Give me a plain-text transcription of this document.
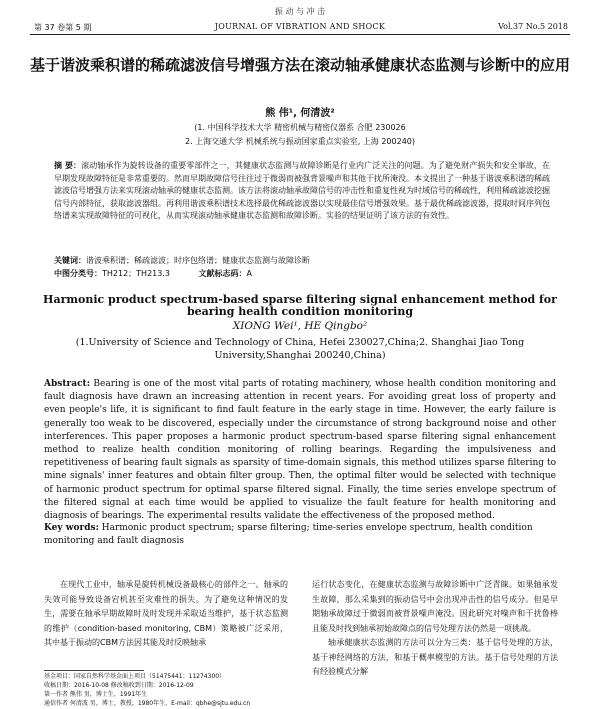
振 动 与 冲 击
第 37 卷第 5 期	JOURNAL OF VIBRATION AND SHOCK	Vol.37 No.5 2018
基于谐波乘积谱的稀疏滤波信号增强方法在滚动轴承健康状态监测与诊断中的应用
熊 伟¹, 何清波²
(1. 中国科学技术大学 精密机械与精密仪器系 合肥 230026
2. 上海交通大学 机械系统与振动国家重点实验室, 上海 200240)
摘 要：滚动轴承作为旋转设备的重要零部件之一，其健康状态监测与故障诊断是行业内广泛关注的问题。为了避免财产损失和安全事故，在早期发现故障特征是非常重要的。然而早期故障信号往往过于微弱而被强背景噪声和其他干扰所淹没。本文提出了一种基于谐波乘积谱的稀疏滤波信号增强方法来实现滚动轴承的健康状态监测。该方法将滚动轴承故障信号的冲击性和重复性视为时域信号的稀疏性，利用稀疏滤波挖掘信号内部特征，获取滤波器组。再利用谐波乘积谱技术选择最优稀疏滤波器以实现最佳信号增强效果。基于最优稀疏滤波器，提取时间序列包络谱来实现故障特征的可视化，从而实现滚动轴承健康状态监测和故障诊断。实验的结果证明了该方法的有效性。
关键词：谐波乘积谱；稀疏滤波；时序包络谱；健康状态监测与故障诊断
中图分类号：TH212；TH213.3	文献标志码：A
Harmonic product spectrum-based sparse filtering signal enhancement method for bearing health condition monitoring
XIONG Wei¹, HE Qingbo²
(1.University of Science and Technology of China, Hefei 230027,China;2. Shanghai Jiao Tong University,Shanghai 200240,China)
Abstract: Bearing is one of the most vital parts of rotating machinery, whose health condition monitoring and fault diagnosis have drawn an increasing attention in recent years. For avoiding great loss of property and even people's life, it is significant to find fault feature in the early stage in time. However, the early failure is generally too weak to be discovered, especially under the circumstance of strong background noise and other interferences. This paper proposes a harmonic product spectrum-based sparse filtering signal enhancement method to realize health condition monitoring of rolling bearings. Regarding the impulsiveness and repetitiveness of bearing fault signals as sparsity of time-domain signals, this method utilizes sparse filtering to mine signals' inner features and obtain filter group. Then, the optimal filter would be selected with technique of harmonic product spectrum for optimal sparse filtered signal. Finally, the time series envelope spectrum of the filtered signal at each time would be applied to visualize the fault feature for health monitoring and diagnosis of bearings. The experimental results validate the effectiveness of the proposed method.
Key words: Harmonic product spectrum; sparse filtering; time-series envelope spectrum, health condition monitoring and fault diagnosis
在现代工业中，轴承是旋转机械设备最核心的部件之一。轴承的失效可能导致设备宕机甚至灾难性的损失。为了避免这种情况的发生，需要在轴承早期故障时及时发现并采取适当维护，基于状态监测的维护（condition-based monitoring, CBM）策略被广泛采用，其中基于振动的CBM方法因其能及时反映轴承

运行状态变化，在健康状态监测与故障诊断中广泛青睐。如果轴承发生故障，那么采集到的振动信号中会出现冲击性的信号成分。但是早期轴承故障过于微弱而被背景噪声淹没。因此研究对噪声和干扰鲁棒且能及时找到轴承初始故障点的信号处理方法仍然是一项挑战。

轴承健康状态监测的方法可以分为三类：基于信号处理的方法，基于神经网络的方法，和基于概率模型的方法。基于信号处理的方法有经验模式分解

基金项目：国家自然科学基金面上项目（51475441；11274300）
收稿日期：2016-10-08 修改稿收到日期：2016-12-09
第一作者 熊伟 男，博士生，1991年生
通信作者 何清波 男，博士，教授，1980年生，E-mail：qbhe@sjtu.edu.cn
